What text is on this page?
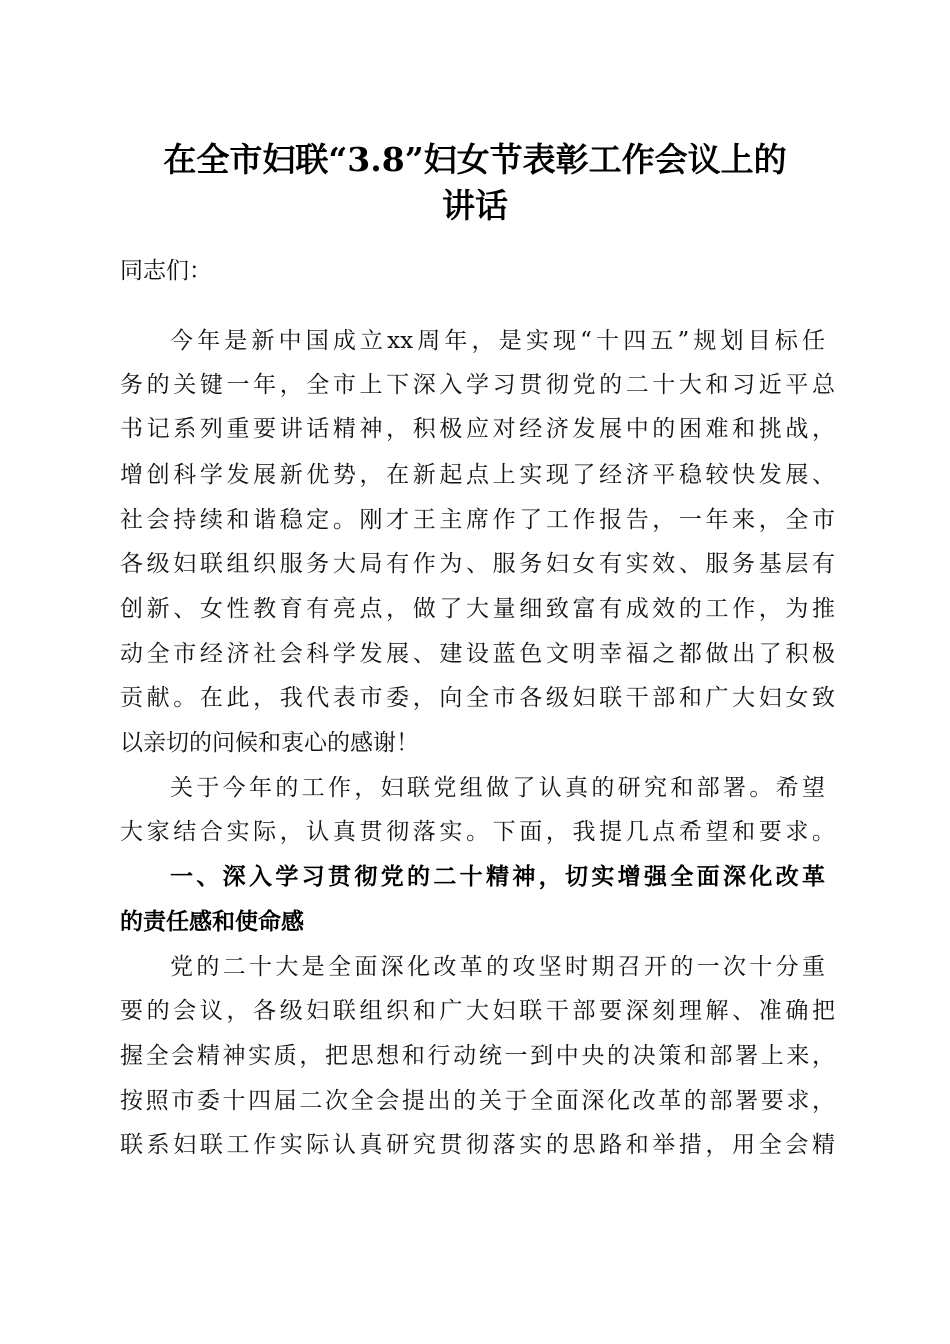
在全市妇联“3.8”妇女节表彰工作会议上的
讲话

同志们：

今年是新中国成立xx周年，是实现“十四五”规划目标任

务的关键一年，全市上下深入学习贯彻党的二十大和习近平总

书记系列重要讲话精神，积极应对经济发展中的困难和挑战，

增创科学发展新优势，在新起点上实现了经济平稳较快发展、

社会持续和谐稳定。刚才王主席作了工作报告，一年来，全市

各级妇联组织服务大局有作为、服务妇女有实效、服务基层有

创新、女性教育有亮点，做了大量细致富有成效的工作，为推

动全市经济社会科学发展、建设蓝色文明幸福之都做出了积极

贡献。在此，我代表市委，向全市各级妇联干部和广大妇女致

以亲切的问候和衷心的感谢！

关于今年的工作，妇联党组做了认真的研究和部署。希望

大家结合实际，认真贯彻落实。下面，我提几点希望和要求。

一、深入学习贯彻党的二十精神，切实增强全面深化改革

的责任感和使命感

党的二十大是全面深化改革的攻坚时期召开的一次十分重

要的会议，各级妇联组织和广大妇联干部要深刻理解、准确把

握全会精神实质，把思想和行动统一到中央的决策和部署上来，

按照市委十四届二次全会提出的关于全面深化改革的部署要求，

联系妇联工作实际认真研究贯彻落实的思路和举措，用全会精
